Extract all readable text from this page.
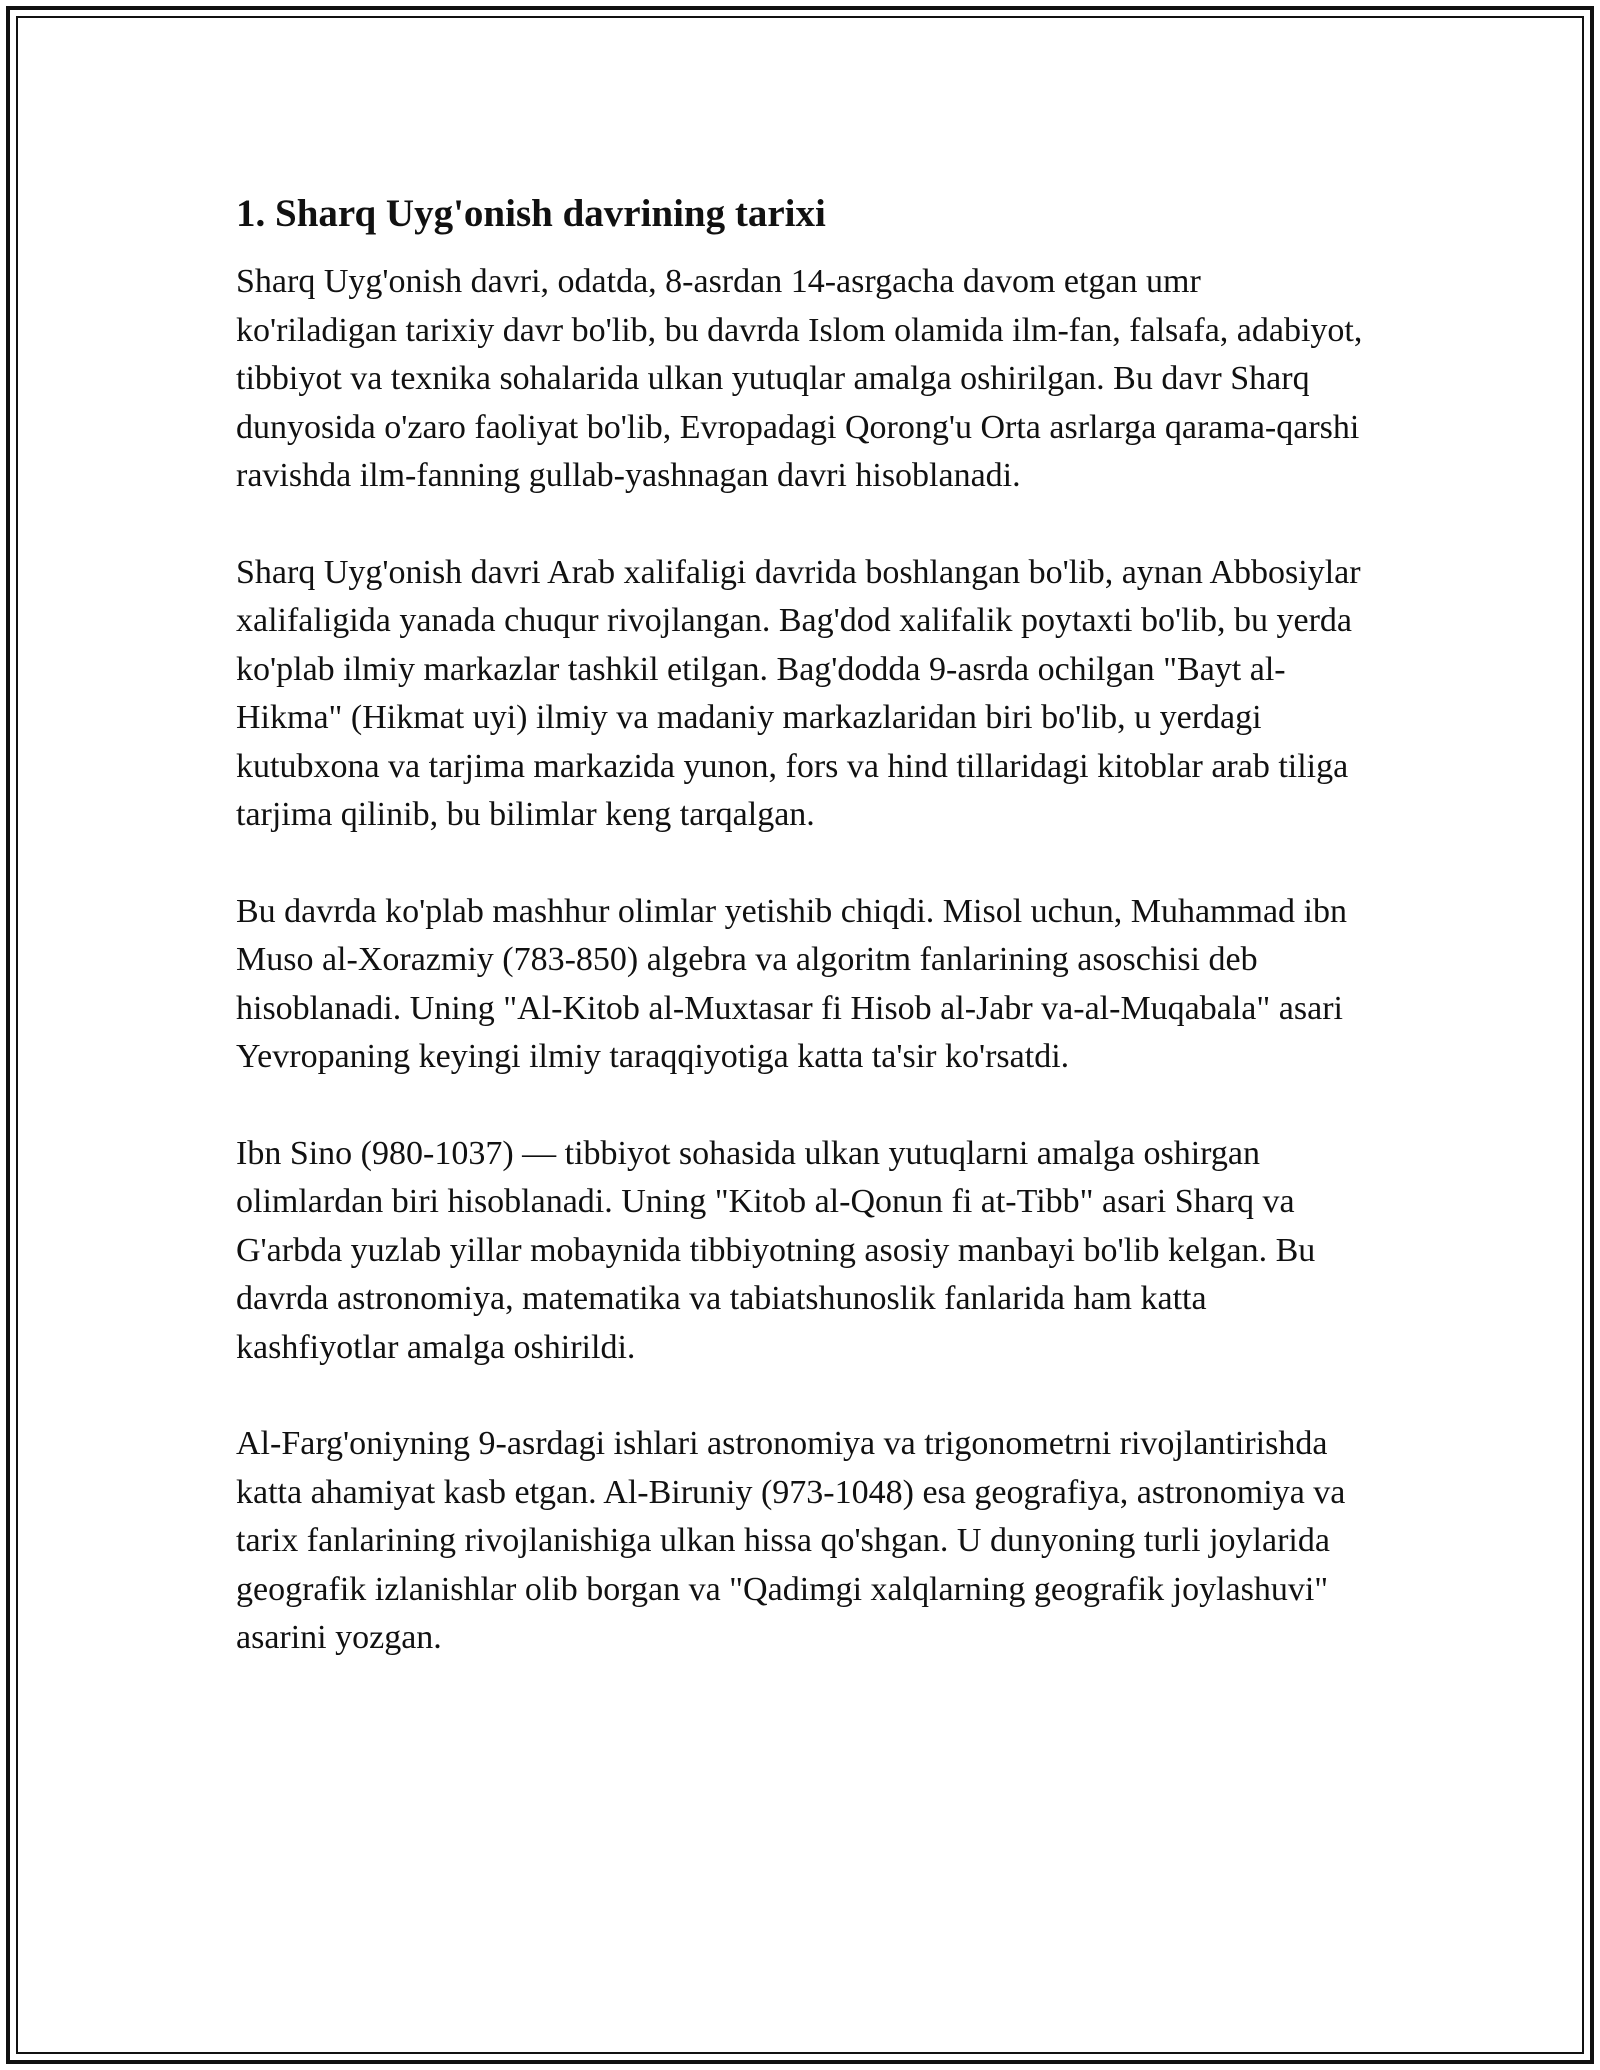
1. Sharq Uyg'onish davrining tarixi

Sharq Uyg'onish davri, odatda, 8-asrdan 14-asrgacha davom etgan umr ko'riladigan tarixiy davr bo'lib, bu davrda Islom olamida ilm-fan, falsafa, adabiyot, tibbiyot va texnika sohalarida ulkan yutuqlar amalga oshirilgan. Bu davr Sharq dunyosida o'zaro faoliyat bo'lib, Evropadagi Qorong'u Orta asrlarga qarama-qarshi ravishda ilm-fanning gullab-yashnagan davri hisoblanadi.

Sharq Uyg'onish davri Arab xalifaligi davrida boshlangan bo'lib, aynan Abbosiylar xalifaligida yanada chuqur rivojlangan. Bag'dod xalifalik poytaxti bo'lib, bu yerda ko'plab ilmiy markazlar tashkil etilgan. Bag'dodda 9-asrda ochilgan "Bayt al-Hikma" (Hikmat uyi) ilmiy va madaniy markazlaridan biri bo'lib, u yerdagi kutubxona va tarjima markazida yunon, fors va hind tillaridagi kitoblar arab tiliga tarjima qilinib, bu bilimlar keng tarqalgan.

Bu davrda ko'plab mashhur olimlar yetishib chiqdi. Misol uchun, Muhammad ibn Muso al-Xorazmiy (783-850) algebra va algoritm fanlarining asoschisi deb hisoblanadi. Uning "Al-Kitob al-Muxtasar fi Hisob al-Jabr va-al-Muqabala" asari Yevropaning keyingi ilmiy taraqqiyotiga katta ta'sir ko'rsatdi.

Ibn Sino (980-1037) — tibbiyot sohasida ulkan yutuqlarni amalga oshirgan olimlardan biri hisoblanadi. Uning "Kitob al-Qonun fi at-Tibb" asari Sharq va G'arbda yuzlab yillar mobaynida tibbiyotning asosiy manbayi bo'lib kelgan. Bu davrda astronomiya, matematika va tabiatshunoslik fanlarida ham katta kashfiyotlar amalga oshirildi.

Al-Farg'oniyning 9-asrdagi ishlari astronomiya va trigonometrni rivojlantirishda katta ahamiyat kasb etgan. Al-Biruniy (973-1048) esa geografiya, astronomiya va tarix fanlarining rivojlanishiga ulkan hissa qo'shgan. U dunyoning turli joylarida geografik izlanishlar olib borgan va "Qadimgi xalqlarning geografik joylashuvi" asarini yozgan.
